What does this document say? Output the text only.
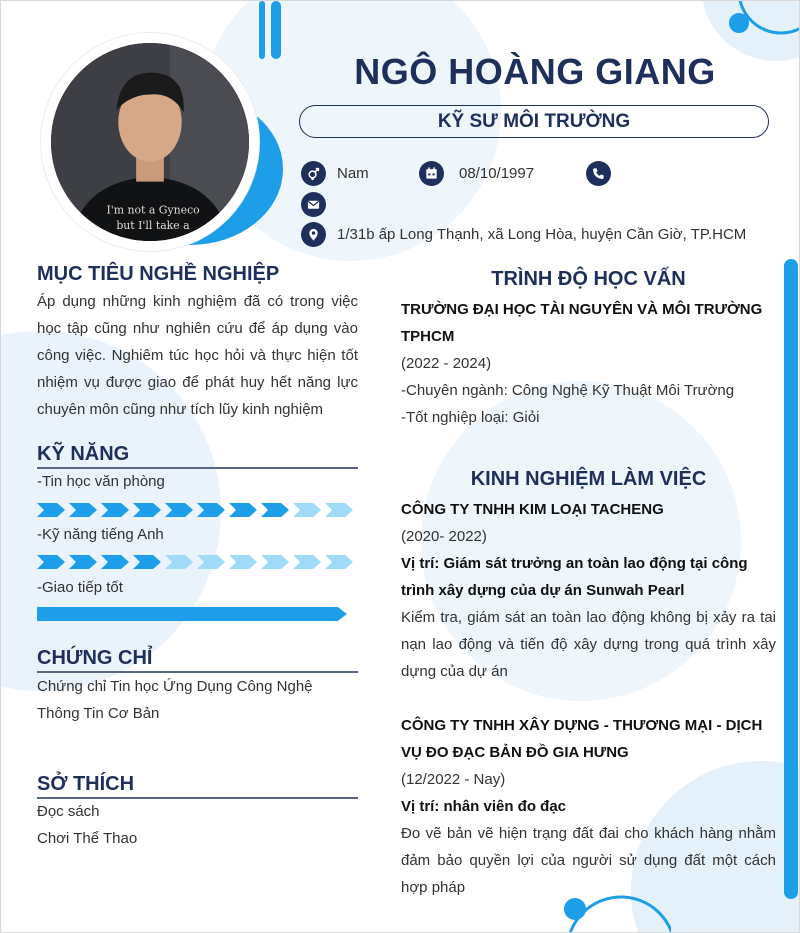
I'm not a Gyneco
but I'll take a
NGÔ HOÀNG GIANG
KỸ SƯ MÔI TRƯỜNG
Nam	08/10/1997
1/31b ấp Long Thạnh, xã Long Hòa, huyện Cần Giờ, TP.HCM
MỤC TIÊU NGHỀ NGHIỆP
Áp dụng những kinh nghiệm đã có trong việc học tập cũng như nghiên cứu để áp dụng vào công việc. Nghiêm túc học hỏi và thực hiện tốt nhiệm vụ được giao để phát huy hết năng lực chuyên môn cũng như tích lũy kinh nghiệm
KỸ NĂNG
-Tin học văn phòng
-Kỹ năng tiếng Anh
-Giao tiếp tốt
CHỨNG CHỈ
Chứng chỉ Tin học Ứng Dụng Công Nghệ Thông Tin Cơ Bản
SỞ THÍCH
Đọc sách
Chơi Thể Thao
TRÌNH ĐỘ HỌC VẤN
TRƯỜNG ĐẠI HỌC TÀI NGUYÊN VÀ MÔI TRƯỜNG TPHCM
(2022 - 2024)
-Chuyên ngành: Công Nghệ Kỹ Thuật Môi Trường
-Tốt nghiệp loại: Giỏi
KINH NGHIỆM LÀM VIỆC
CÔNG TY TNHH KIM LOẠI TACHENG
(2020- 2022)
Vị trí: Giám sát trưởng an toàn lao động tại công trình xây dựng của dự án Sunwah Pearl
Kiểm tra, giám sát an toàn lao động không bị xảy ra tai nạn lao động và tiến độ xây dựng trong quá trình xây dựng của dự án
CÔNG TY TNHH XÂY DỰNG - THƯƠNG MẠI - DỊCH VỤ ĐO ĐẠC BẢN ĐỒ GIA HƯNG
(12/2022 - Nay)
Vị trí: nhân viên đo đạc
Đo vẽ bản vẽ hiện trạng đất đai cho khách hàng nhằm đảm bảo quyền lợi của người sử dụng đất một cách hợp pháp
